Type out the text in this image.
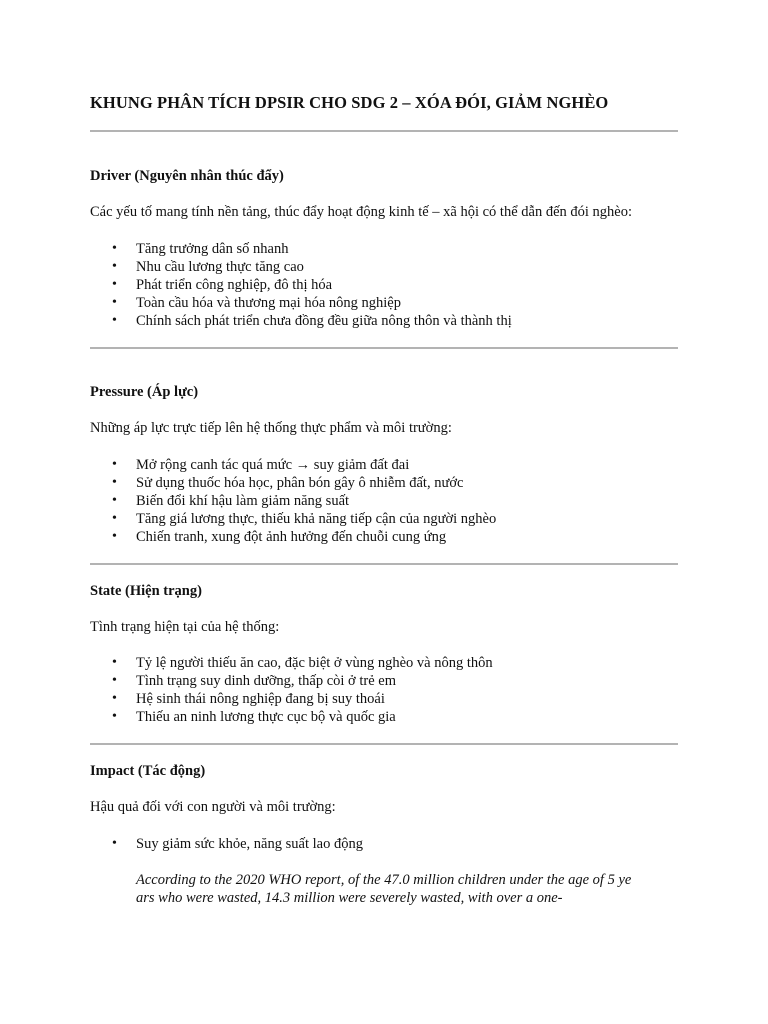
KHUNG PHÂN TÍCH DPSIR CHO SDG 2 – XÓA ĐÓI, GIẢM NGHÈO
Driver (Nguyên nhân thúc đẩy)

Các yếu tố mang tính nền tảng, thúc đẩy hoạt động kinh tế – xã hội có thể dẫn đến đói nghèo:

• Tăng trưởng dân số nhanh
• Nhu cầu lương thực tăng cao
• Phát triển công nghiệp, đô thị hóa
• Toàn cầu hóa và thương mại hóa nông nghiệp
• Chính sách phát triển chưa đồng đều giữa nông thôn và thành thị
Pressure (Áp lực)

Những áp lực trực tiếp lên hệ thống thực phẩm và môi trường:

• Mở rộng canh tác quá mức → suy giảm đất đai
• Sử dụng thuốc hóa học, phân bón gây ô nhiễm đất, nước
• Biến đổi khí hậu làm giảm năng suất
• Tăng giá lương thực, thiếu khả năng tiếp cận của người nghèo
• Chiến tranh, xung đột ảnh hưởng đến chuỗi cung ứng
State (Hiện trạng)

Tình trạng hiện tại của hệ thống:

• Tỷ lệ người thiếu ăn cao, đặc biệt ở vùng nghèo và nông thôn
• Tình trạng suy dinh dưỡng, thấp còi ở trẻ em
• Hệ sinh thái nông nghiệp đang bị suy thoái
• Thiếu an ninh lương thực cục bộ và quốc gia
Impact (Tác động)

Hậu quả đối với con người và môi trường:

• Suy giảm sức khỏe, năng suất lao động

According to the 2020 WHO report, of the 47.0 million children under the age of 5 ye
ars who were wasted, 14.3 million were severely wasted, with over a one-
